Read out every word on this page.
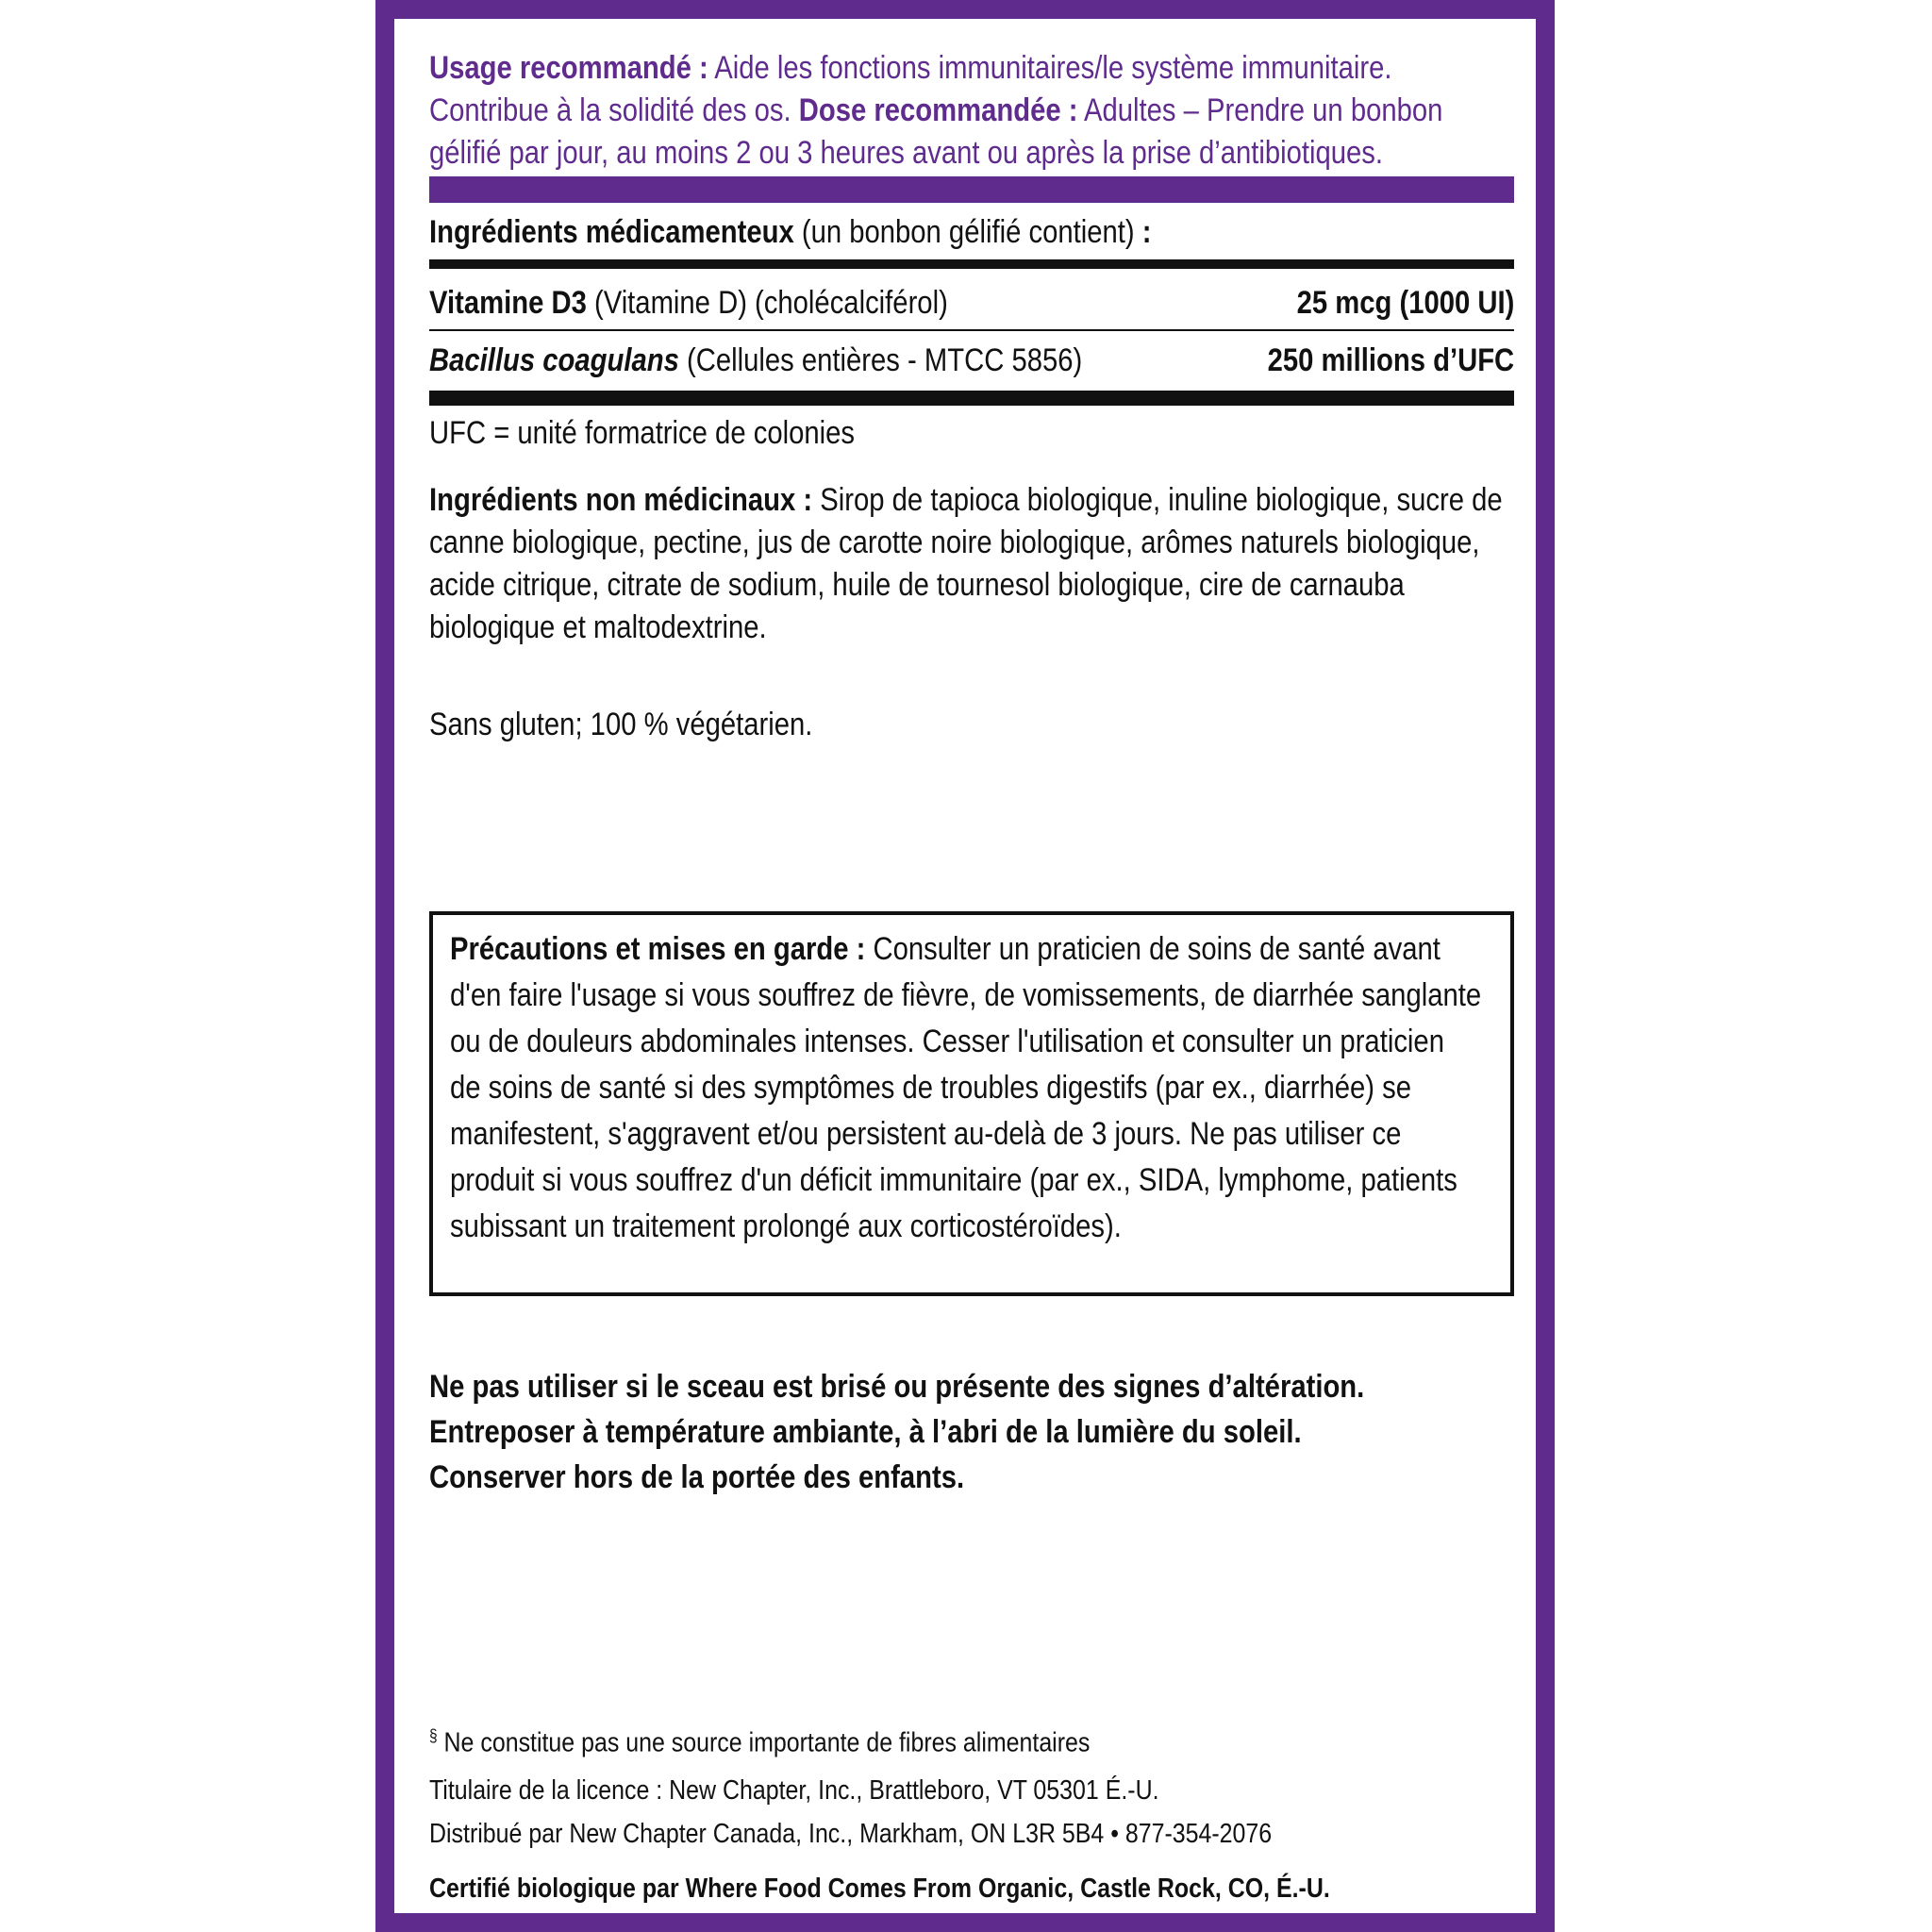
Usage recommandé : Aide les fonctions immunitaires/le système immunitaire. Contribue à la solidité des os. Dose recommandée : Adultes – Prendre un bonbon gélifié par jour, au moins 2 ou 3 heures avant ou après la prise d’antibiotiques.
Ingrédients médicamenteux (un bonbon gélifié contient) :
Vitamine D3 (Vitamine D) (cholécalciférol)	25 mcg (1000 UI)
Bacillus coagulans (Cellules entières - MTCC 5856)	250 millions d’UFC
UFC = unité formatrice de colonies
Ingrédients non médicinaux : Sirop de tapioca biologique, inuline biologique, sucre de canne biologique, pectine, jus de carotte noire biologique, arômes naturels biologique, acide citrique, citrate de sodium, huile de tournesol biologique, cire de carnauba biologique et maltodextrine.
Sans gluten; 100 % végétarien.
Précautions et mises en garde : Consulter un praticien de soins de santé avant d'en faire l'usage si vous souffrez de fièvre, de vomissements, de diarrhée sanglante ou de douleurs abdominales intenses. Cesser l'utilisation et consulter un praticien de soins de santé si des symptômes de troubles digestifs (par ex., diarrhée) se manifestent, s'aggravent et/ou persistent au-delà de 3 jours. Ne pas utiliser ce produit si vous souffrez d'un déficit immunitaire (par ex., SIDA, lymphome, patients subissant un traitement prolongé aux corticostéroïdes).
Ne pas utiliser si le sceau est brisé ou présente des signes d’altération.
Entreposer à température ambiante, à l’abri de la lumière du soleil.
Conserver hors de la portée des enfants.
§ Ne constitue pas une source importante de fibres alimentaires
Titulaire de la licence : New Chapter, Inc., Brattleboro, VT 05301 É.-U.
Distribué par New Chapter Canada, Inc., Markham, ON L3R 5B4 • 877-354-2076
Certifié biologique par Where Food Comes From Organic, Castle Rock, CO, É.-U.
